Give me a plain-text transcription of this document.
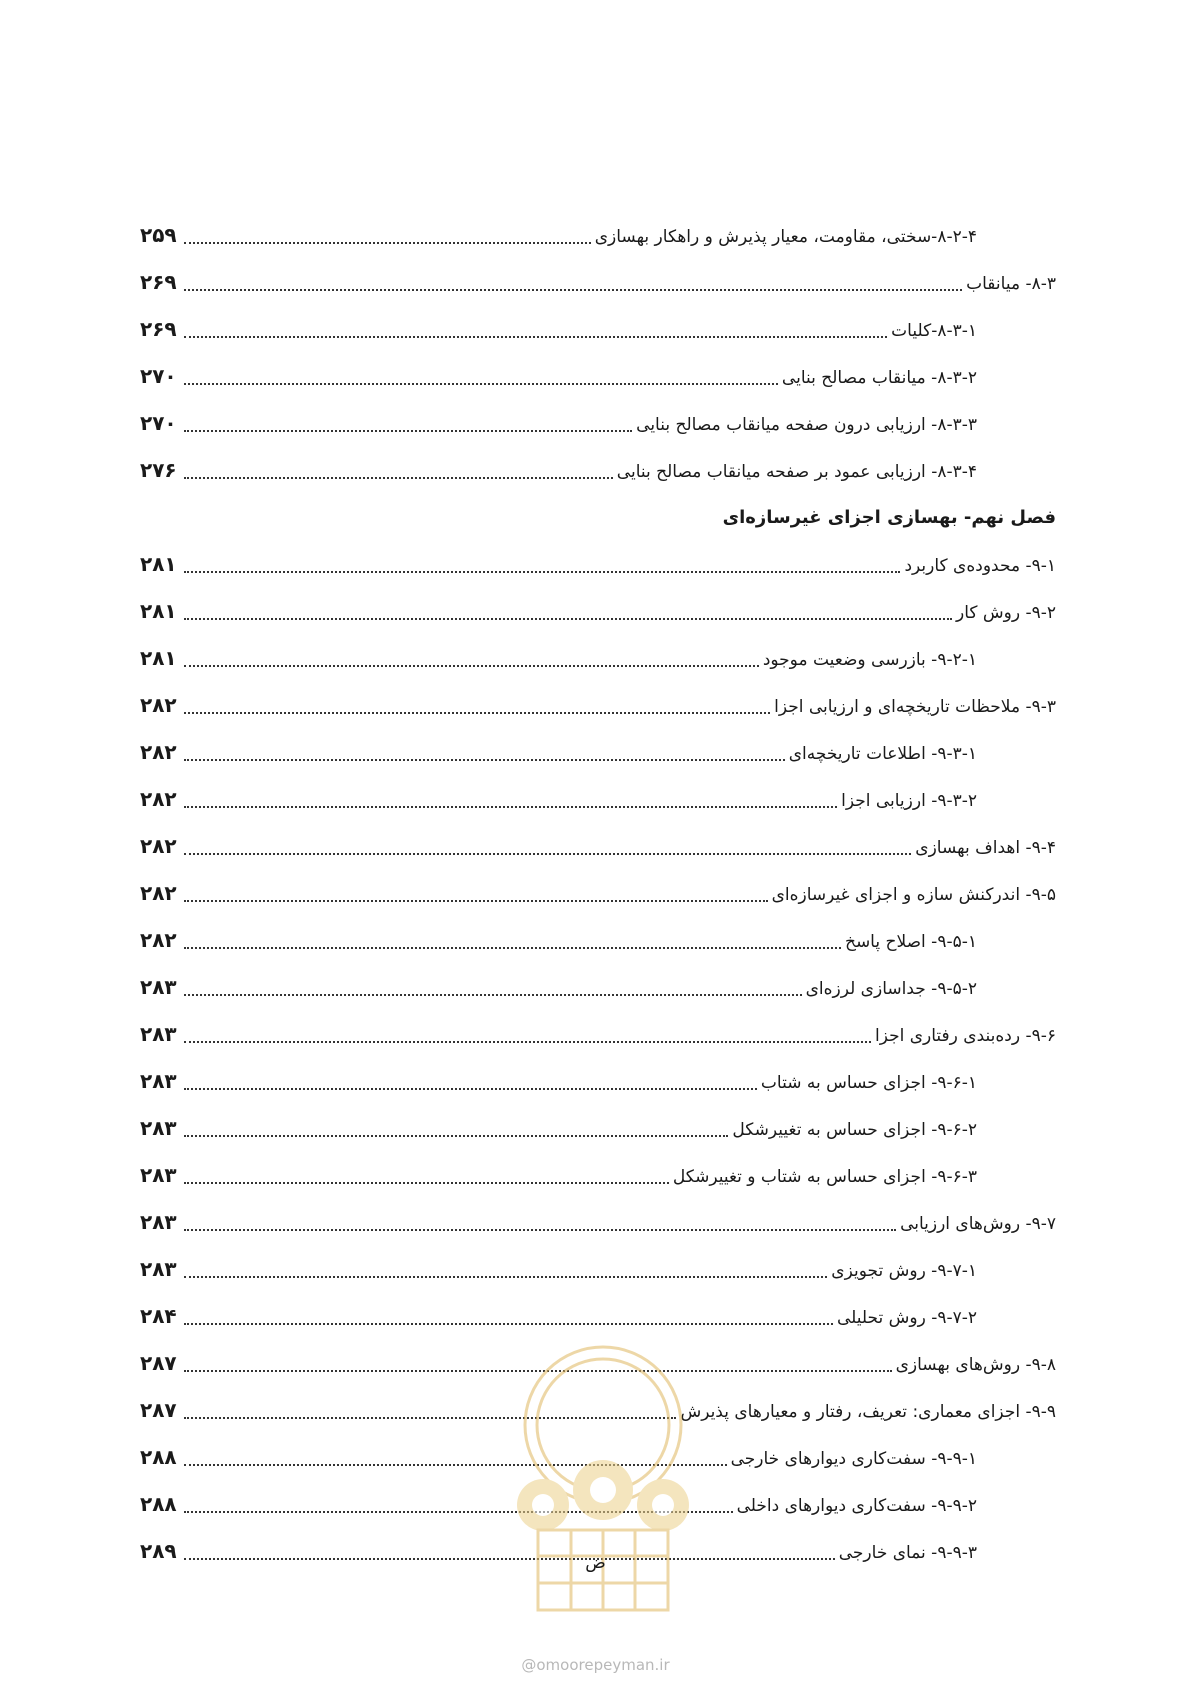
۸-۲-۴-سختی، مقاومت، معیار پذیرش و راهکار بهسازی
۲۵۹
۸-۳- میانقاب
۲۶۹
۸-۳-۱-کلیات
۲۶۹
۸-۳-۲- میانقاب مصالح بنایی
۲۷۰
۸-۳-۳- ارزیابی درون صفحه میانقاب مصالح بنایی
۲۷۰
۸-۳-۴- ارزیابی عمود بر صفحه میانقاب مصالح بنایی
۲۷۶
فصل نهم- بهسازی اجزای غیرسازه‌ای
۹-۱- محدوده‌ی کاربرد
۲۸۱
۹-۲- روش کار
۲۸۱
۹-۲-۱- بازرسی وضعیت موجود
۲۸۱
۹-۳- ملاحظات تاریخچه‌ای و ارزیابی اجزا
۲۸۲
۹-۳-۱- اطلاعات تاریخچه‌ای
۲۸۲
۹-۳-۲- ارزیابی اجزا
۲۸۲
۹-۴- اهداف بهسازی
۲۸۲
۹-۵- اندرکنش سازه و اجزای غیرسازه‌ای
۲۸۲
۹-۵-۱- اصلاح پاسخ
۲۸۲
۹-۵-۲- جداسازی لرزه‌ای
۲۸۳
۹-۶- رده‌بندی رفتاری اجزا
۲۸۳
۹-۶-۱- اجزای حساس به شتاب
۲۸۳
۹-۶-۲- اجزای حساس به تغییرشکل
۲۸۳
۹-۶-۳- اجزای حساس به شتاب و تغییرشکل
۲۸۳
۹-۷- روش‌های ارزیابی
۲۸۳
۹-۷-۱- روش تجویزی
۲۸۳
۹-۷-۲- روش تحلیلی
۲۸۴
۹-۸- روش‌های بهسازی
۲۸۷
۹-۹- اجزای معماری: تعریف، رفتار و معیارهای پذیرش
۲۸۷
۹-۹-۱- سفت‌کاری دیوارهای خارجی
۲۸۸
۹-۹-۲- سفت‌کاری دیوارهای داخلی
۲۸۸
۹-۹-۳- نمای خارجی
۲۸۹	ض
@omoorepeyman.ir
